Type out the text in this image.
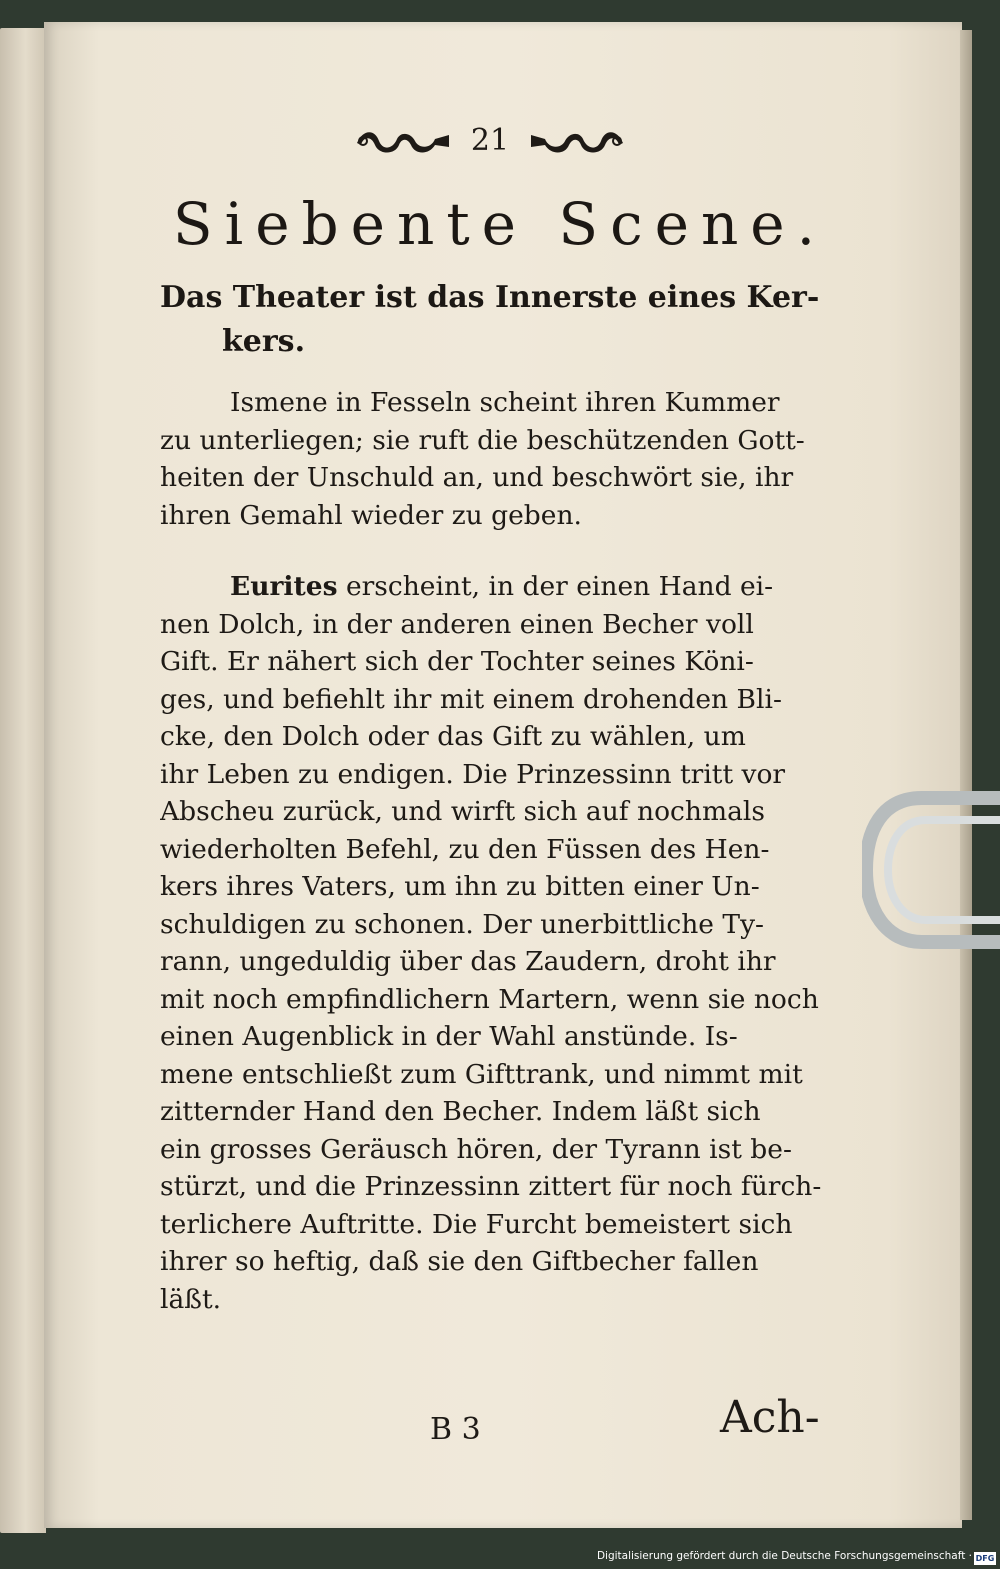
21
Siebente Scene.
Das Theater ist das Innerste eines Ker-
kers.
Ismene in Fesseln scheint ihren Kummer
zu unterliegen; sie ruft die beschützenden Gott-
heiten der Unschuld an, und beschwört sie, ihr
ihren Gemahl wieder zu geben.
Eurites erscheint, in der einen Hand ei-
nen Dolch, in der anderen einen Becher voll
Gift. Er nähert sich der Tochter seines Köni-
ges, und befiehlt ihr mit einem drohenden Bli-
cke, den Dolch oder das Gift zu wählen, um
ihr Leben zu endigen. Die Prinzessinn tritt vor
Abscheu zurück, und wirft sich auf nochmals
wiederholten Befehl, zu den Füssen des Hen-
kers ihres Vaters, um ihn zu bitten einer Un-
schuldigen zu schonen. Der unerbittliche Ty-
rann, ungeduldig über das Zaudern, droht ihr
mit noch empfindlichern Martern, wenn sie noch
einen Augenblick in der Wahl anstünde. Is-
mene entschließt zum Gifttrank, und nimmt mit
zitternder Hand den Becher. Indem läßt sich
ein grosses Geräusch hören, der Tyrann ist be-
stürzt, und die Prinzessinn zittert für noch fürch-
terlichere Auftritte. Die Furcht bemeistert sich
ihrer so heftig, daß sie den Giftbecher fallen
läßt.
B 3	Ach-
Digitalisierung gefördert durch die Deutsche Forschungsgemeinschaft · DFG
